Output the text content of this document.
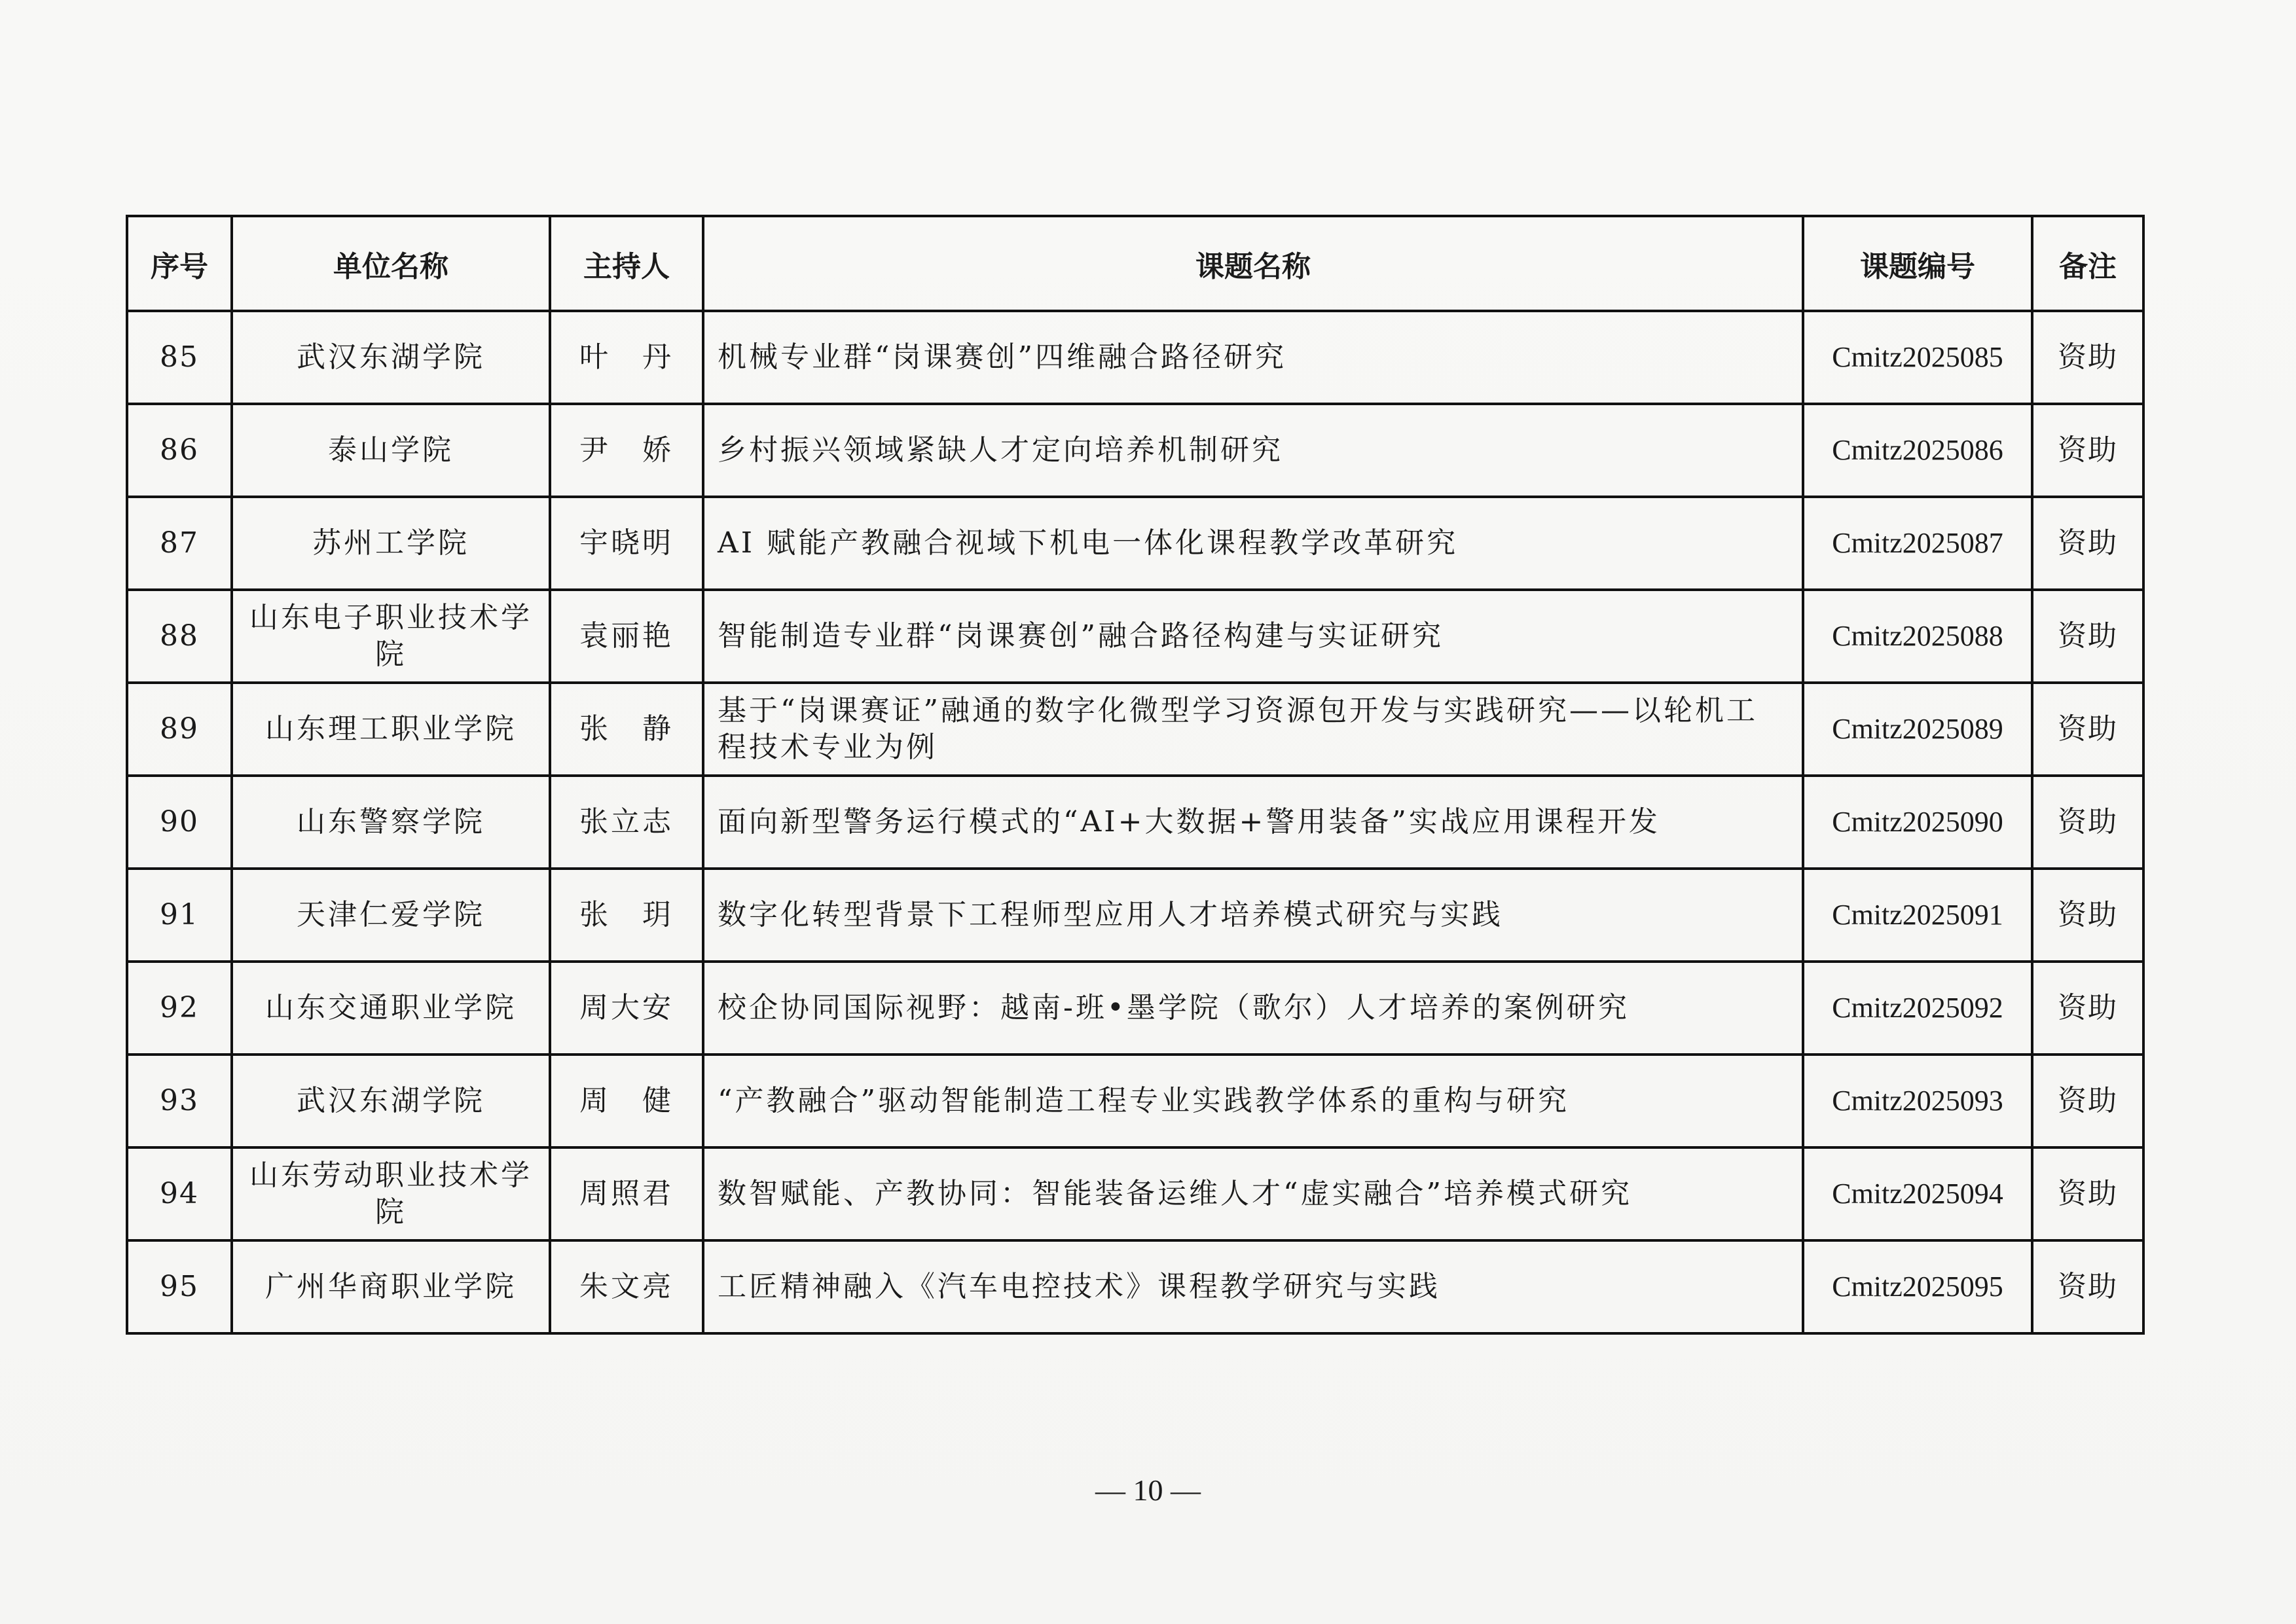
序号	单位名称	主持人	课题名称	课题编号	备注
85	武汉东湖学院	叶　丹	机械专业群“岗课赛创”四维融合路径研究	Cmitz2025085	资助
86	泰山学院	尹　娇	乡村振兴领域紧缺人才定向培养机制研究	Cmitz2025086	资助
87	苏州工学院	宇晓明	AI 赋能产教融合视域下机电一体化课程教学改革研究	Cmitz2025087	资助
88	山东电子职业技术学院	袁丽艳	智能制造专业群“岗课赛创”融合路径构建与实证研究	Cmitz2025088	资助
89	山东理工职业学院	张　静	基于“岗课赛证”融通的数字化微型学习资源包开发与实践研究——以轮机工程技术专业为例	Cmitz2025089	资助
90	山东警察学院	张立志	面向新型警务运行模式的“AI+大数据+警用装备”实战应用课程开发	Cmitz2025090	资助
91	天津仁爱学院	张　玥	数字化转型背景下工程师型应用人才培养模式研究与实践	Cmitz2025091	资助
92	山东交通职业学院	周大安	校企协同国际视野：越南-班•墨学院（歌尔）人才培养的案例研究	Cmitz2025092	资助
93	武汉东湖学院	周　健	“产教融合”驱动智能制造工程专业实践教学体系的重构与研究	Cmitz2025093	资助
94	山东劳动职业技术学院	周照君	数智赋能、产教协同：智能装备运维人才“虚实融合”培养模式研究	Cmitz2025094	资助
95	广州华商职业学院	朱文亮	工匠精神融入《汽车电控技术》课程教学研究与实践	Cmitz2025095	资助
— 10 —
